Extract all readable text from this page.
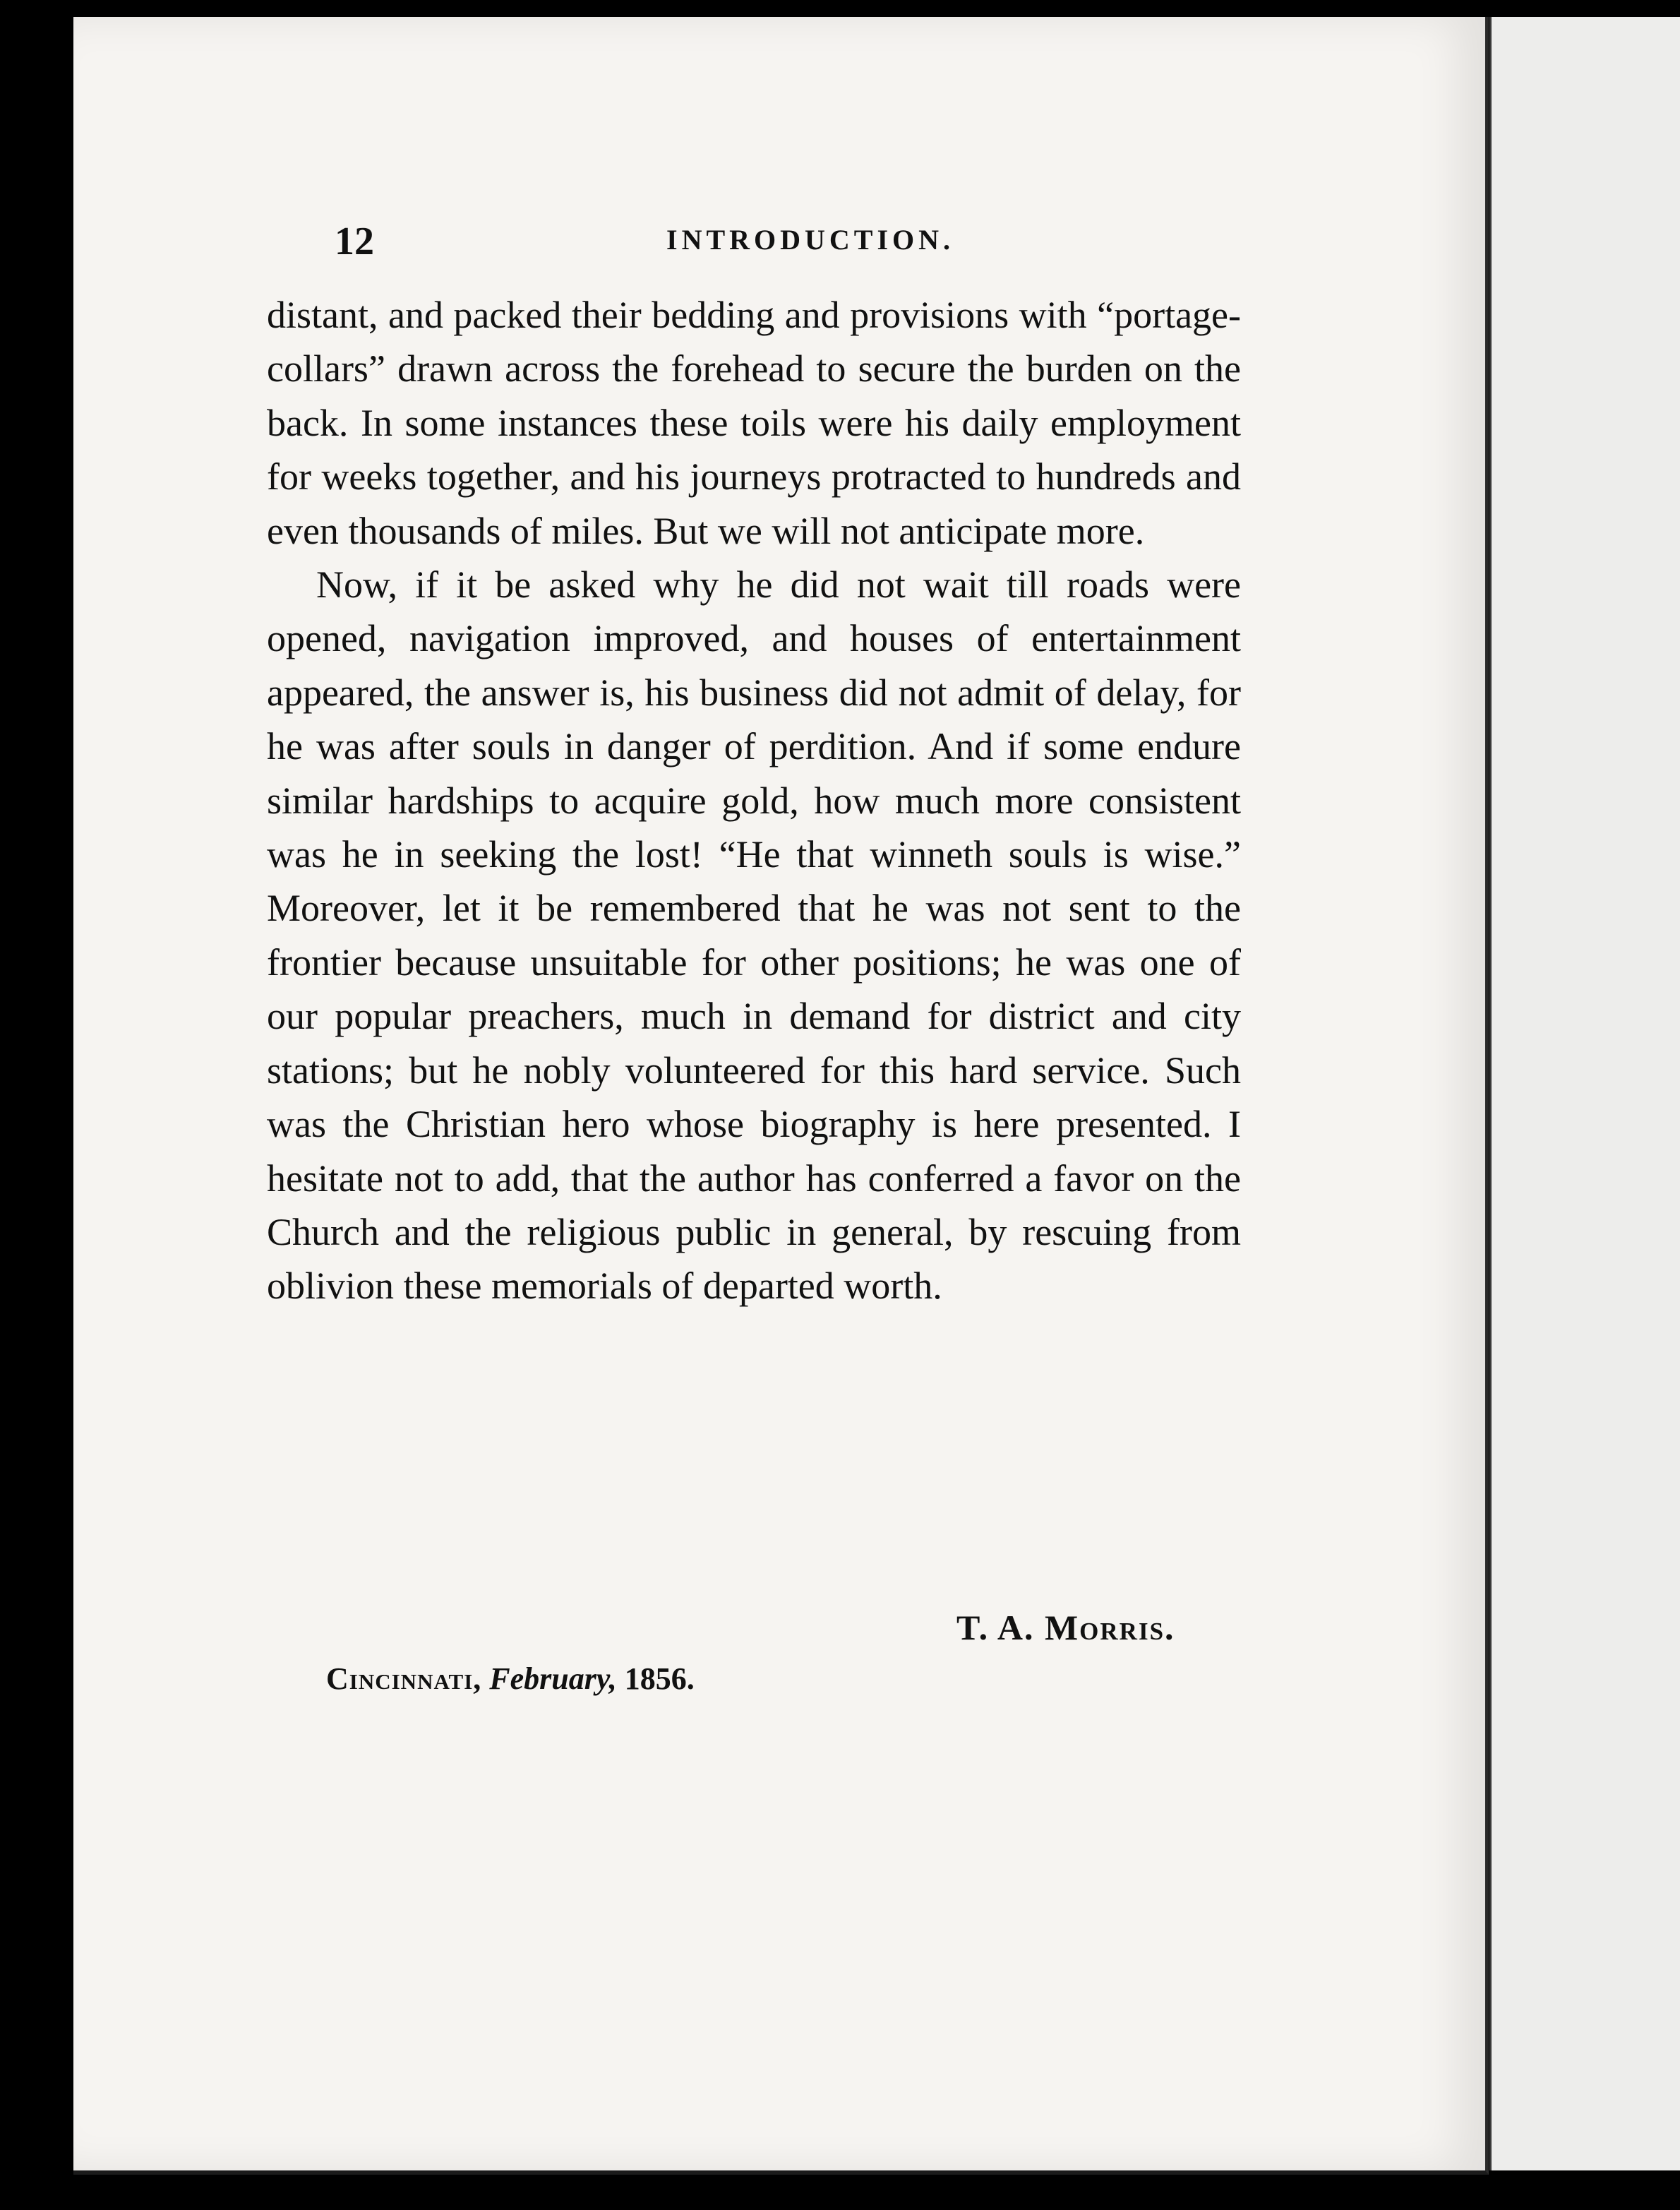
12	INTRODUCTION.

distant, and packed their bedding and provisions with “portage-collars” drawn across the forehead to secure the burden on the back. In some instances these toils were his daily employment for weeks together, and his journeys protracted to hundreds and even thousands of miles. But we will not anticipate more.

Now, if it be asked why he did not wait till roads were opened, navigation improved, and houses of entertainment appeared, the answer is, his business did not admit of delay, for he was after souls in danger of perdition. And if some endure similar hardships to acquire gold, how much more consistent was he in seeking the lost! “He that winneth souls is wise.” Moreover, let it be remembered that he was not sent to the frontier because unsuitable for other positions; he was one of our popular preachers, much in demand for district and city stations; but he nobly volunteered for this hard service. Such was the Christian hero whose biography is here presented. I hesitate not to add, that the author has conferred a favor on the Church and the religious public in general, by rescuing from oblivion these memorials of departed worth.

T. A. Morris.
Cincinnati, February, 1856.
